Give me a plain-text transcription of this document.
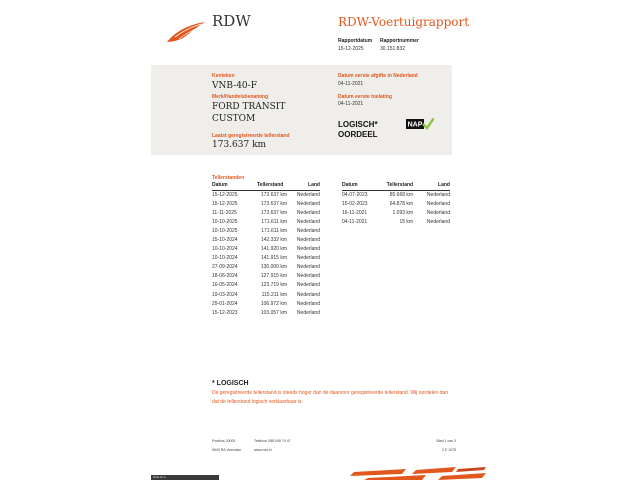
RDW	RDW-Voertuigrapport
Rapportdatum
15-12-2025
Rapportnummer
30.151.832
Kenteken
VNB-40-F
Merk/Handelsbenaming
FORD TRANSIT
CUSTOM
Laatst geregistreerde tellerstand
173.637 km
Datum eerste afgifte in Nederland
04-11-2021
Datum eerste toelating
04-11-2021
LOGISCH*
OORDEEL
NAP
Tellerstanden
Datum	Tellerstand	Land
15-12-2025	173.637 km	Nederland
15-12-2025	173.637 km	Nederland
11-11-2025	173.637 km	Nederland
10-10-2025	171.611 km	Nederland
10-10-2025	171.611 km	Nederland
15-10-2024	142.332 km	Nederland
10-10-2024	141.920 km	Nederland
10-10-2024	141.915 km	Nederland
27-09-2024	130.000 km	Nederland
18-06-2024	127.915 km	Nederland
16-05-2024	123.719 km	Nederland
19-03-2024	115.211 km	Nederland
29-01-2024	106.972 km	Nederland
15-12-2023	103.057 km	Nederland
Datum	Tellerstand	Land
04-07-2023	85.668 km	Nederland
15-02-2023	64.878 km	Nederland
16-11-2021	1.093 km	Nederland
04-11-2021	15 km	Nederland
* LOGISCH
De geregistreerde tellerstand is steeds hoger dan de daarvoor geregistreerde tellerstand. Wij oordelen dan dat de tellerstand logisch verklaarbaar is.
Postbus 30000
9640 RA Veendam
Telefoon 088 008 74 47
www.rdw.nl
Blad 1 van 3
2 E 1078
Rdw-tk.nl
